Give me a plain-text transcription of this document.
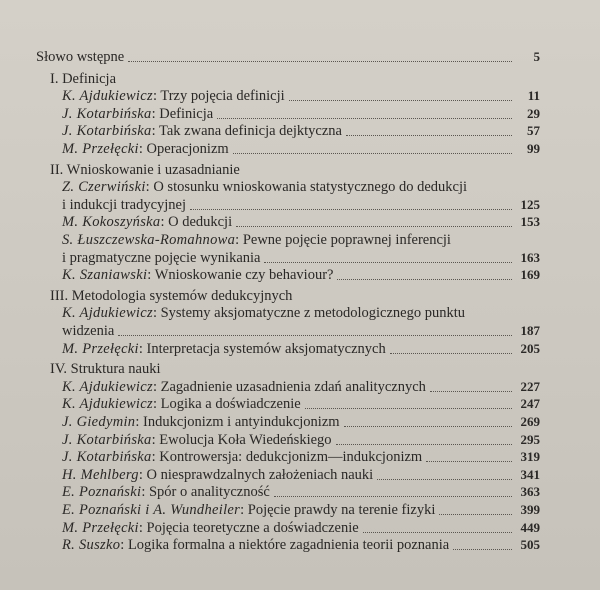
Słowo wstępne	5
I. Definicja
K. Ajdukiewicz: Trzy pojęcia definicji	11
J. Kotarbińska: Definicja	29
J. Kotarbińska: Tak zwana definicja dejktyczna	57
M. Przełęcki: Operacjonizm	99
II. Wnioskowanie i uzasadnianie
Z. Czerwiński: O stosunku wnioskowania statystycznego do dedukcji
i indukcji tradycyjnej	125
M. Kokoszyńska: O dedukcji	153
S. Łuszczewska-Romahnowa: Pewne pojęcie poprawnej inferencji
i pragmatyczne pojęcie wynikania	163
K. Szaniawski: Wnioskowanie czy behaviour?	169
III. Metodologia systemów dedukcyjnych
K. Ajdukiewicz: Systemy aksjomatyczne z metodologicznego punktu
widzenia	187
M. Przełęcki: Interpretacja systemów aksjomatycznych	205
IV. Struktura nauki
K. Ajdukiewicz: Zagadnienie uzasadnienia zdań analitycznych	227
K. Ajdukiewicz: Logika a doświadczenie	247
J. Giedymin: Indukcjonizm i antyindukcjonizm	269
J. Kotarbińska: Ewolucja Koła Wiedeńskiego	295
J. Kotarbińska: Kontrowersja: dedukcjonizm—indukcjonizm	319
H. Mehlberg: O niesprawdzalnych założeniach nauki	341
E. Poznański: Spór o analityczność	363
E. Poznański i A. Wundheiler: Pojęcie prawdy na terenie fizyki	399
M. Przełęcki: Pojęcia teoretyczne a doświadczenie	449
R. Suszko: Logika formalna a niektóre zagadnienia teorii poznania	505
